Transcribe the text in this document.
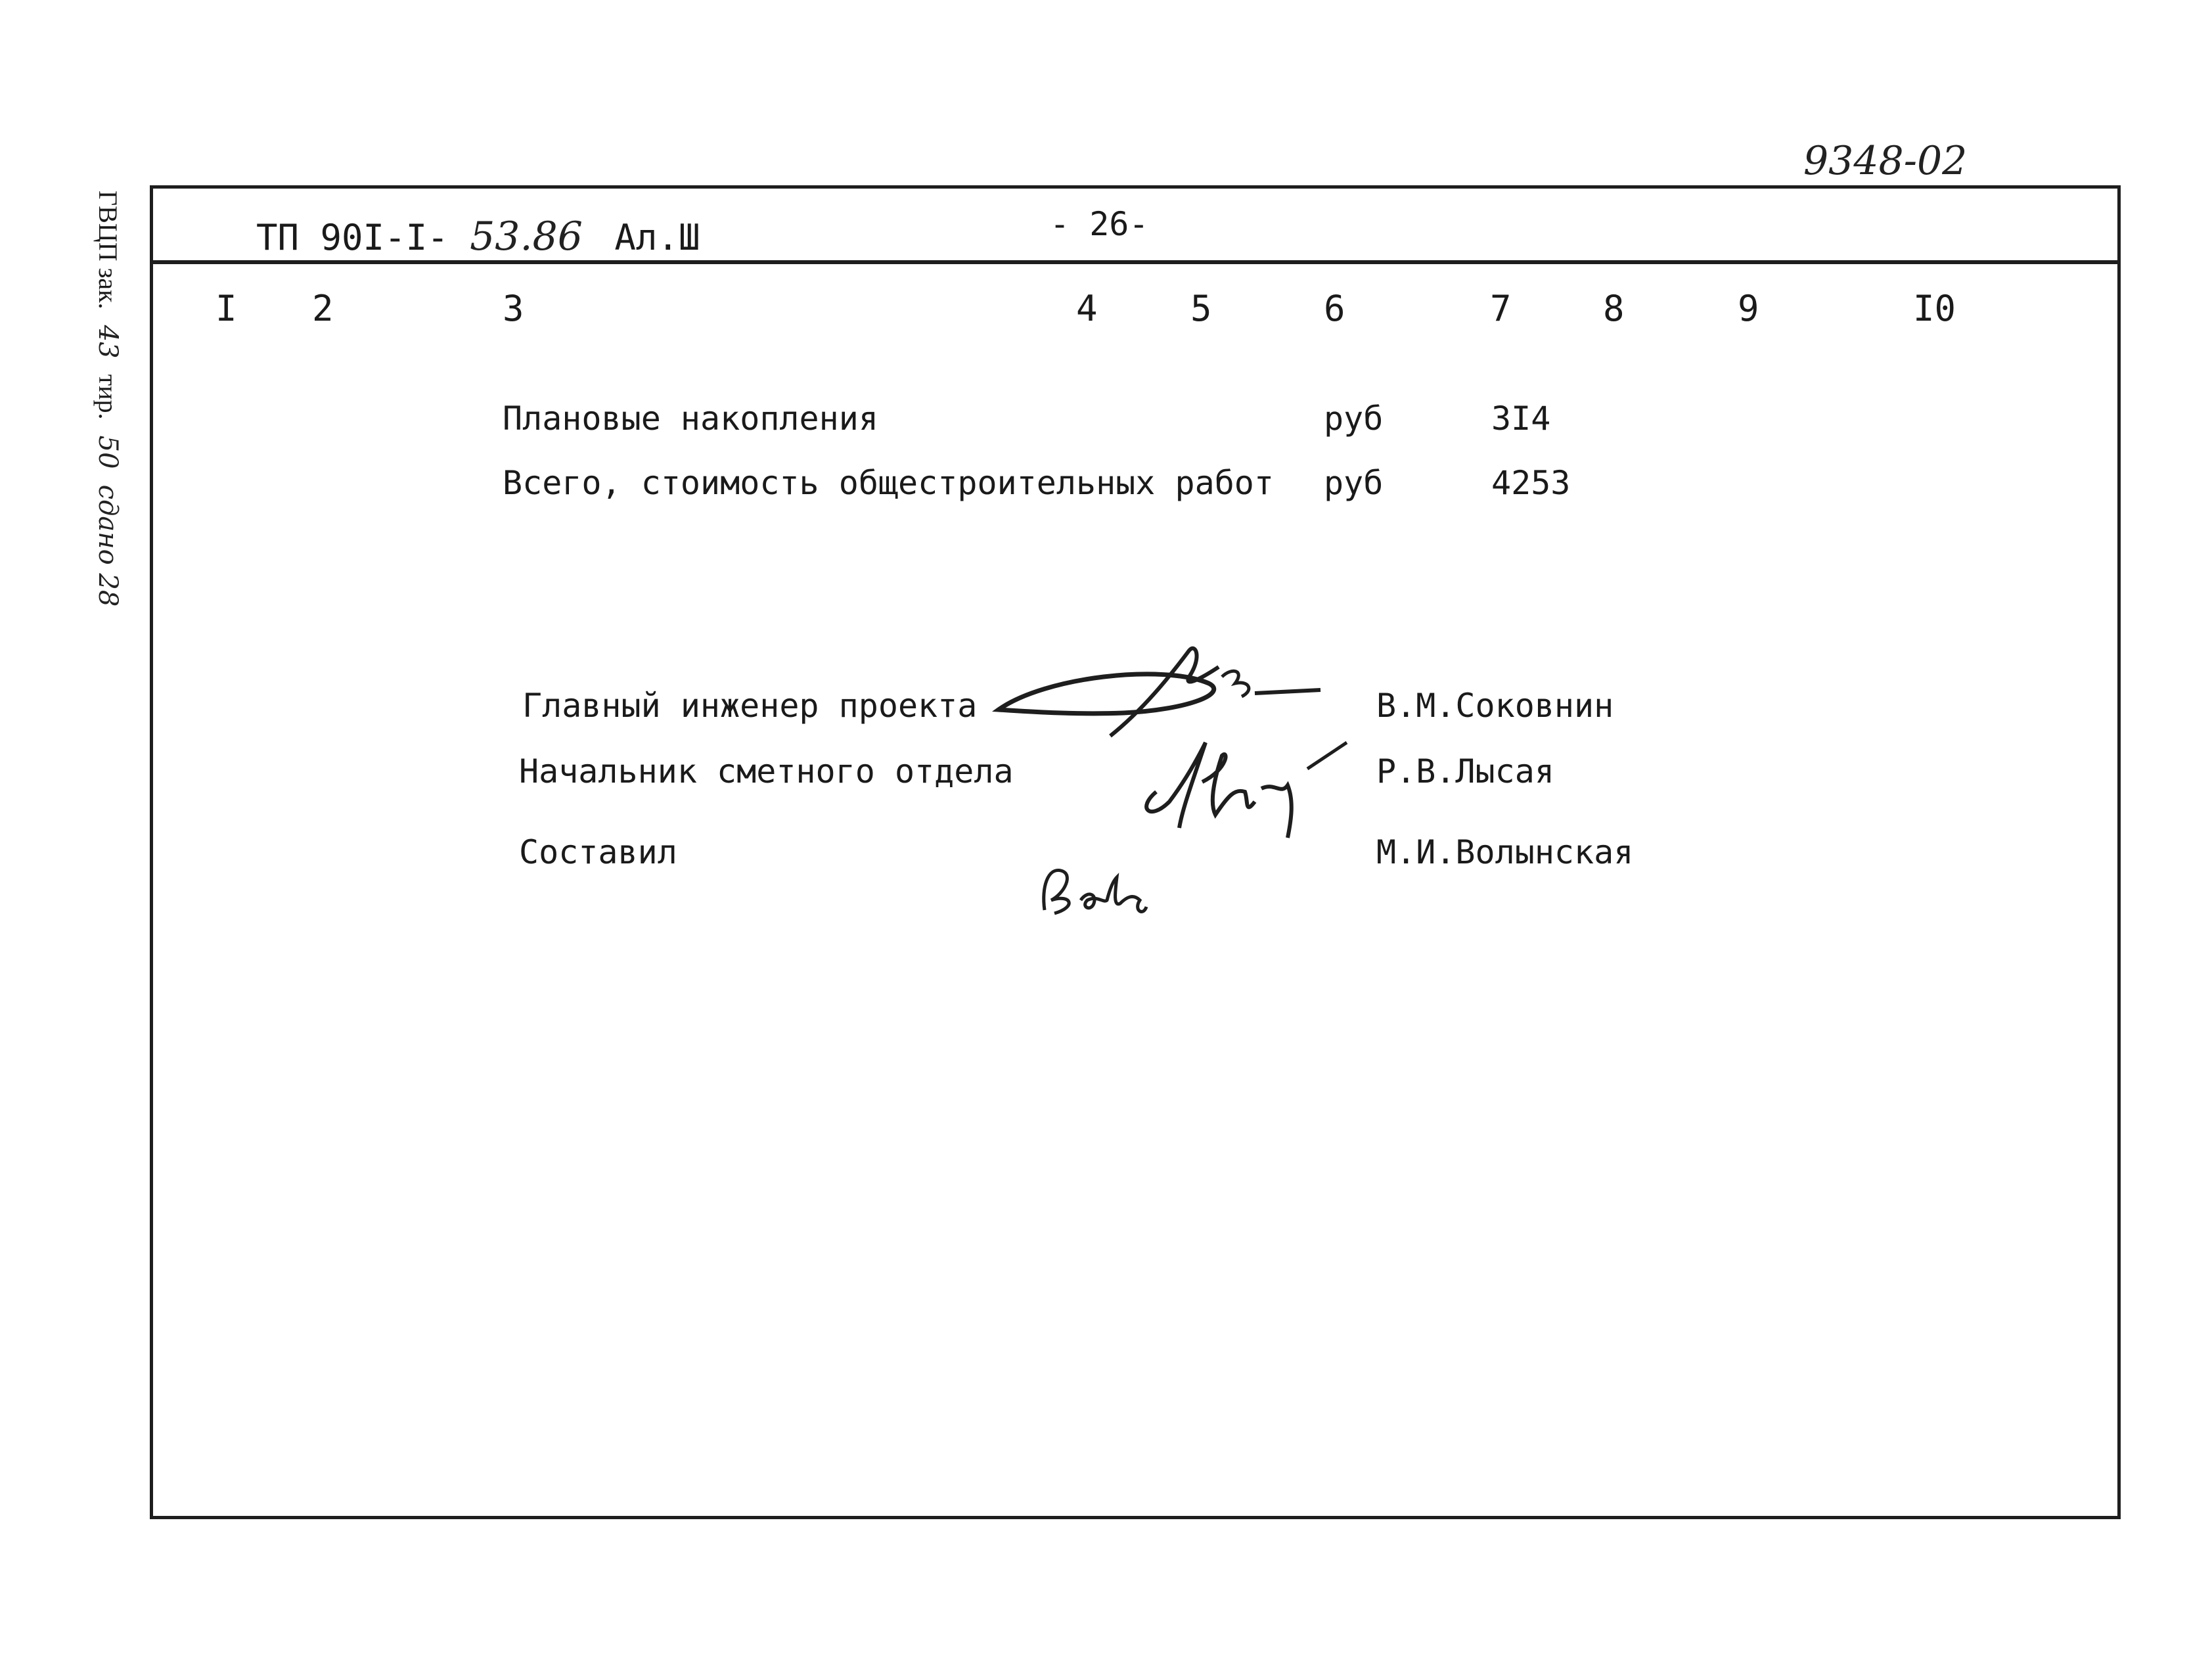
9348-02
ГВЦП зак. 43 тир. 50 сдано 28
ТП 90I-I- 53.86 Ал.Ш	- 26-
I 2	3	4	5	6	7	8	9	I0
Плановые накопления	руб	3I4
Всего, стоимость общестроительных работ руб	4253
Главный инженер проекта	В.М.Соковнин
Начальник сметного отдела	Р.В.Лысая
Составил	М.И.Волынская
